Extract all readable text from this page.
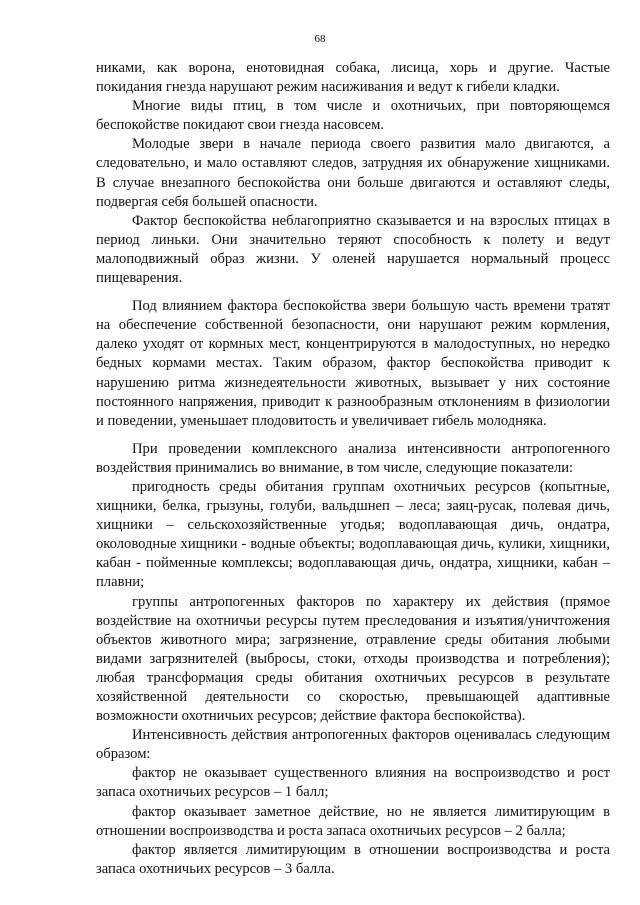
68

никами, как ворона, енотовидная собака, лисица, хорь и другие. Частые покидания гнезда нарушают режим насиживания и ведут к гибели кладки.

Многие виды птиц, в том числе и охотничьих, при повторяющемся беспокойстве покидают свои гнезда насовсем.

Молодые звери в начале периода своего развития мало двигаются, а следовательно, и мало оставляют следов, затрудняя их обнаружение хищниками. В случае внезапного беспокойства они больше двигаются и оставляют следы, подвергая себя большей опасности.

Фактор беспокойства неблагоприятно сказывается и на взрослых птицах в период линьки. Они значительно теряют способность к полету и ведут малоподвижный образ жизни. У оленей нарушается нормальный процесс пищеварения.

Под влиянием фактора беспокойства звери большую часть времени тратят на обеспечение собственной безопасности, они нарушают режим кормления, далеко уходят от кормных мест, концентрируются в малодоступных, но нередко бедных кормами местах. Таким образом, фактор беспокойства приводит к нарушению ритма жизнедеятельности животных, вызывает у них состояние постоянного напряжения, приводит к разнообразным отклонениям в физиологии и поведении, уменьшает плодовитость и увеличивает гибель молодняка.

При проведении комплексного анализа интенсивности антропогенного воздействия принимались во внимание, в том числе, следующие показатели:

пригодность среды обитания группам охотничьих ресурсов (копытные, хищники, белка, грызуны, голуби, вальдшнеп – леса; заяц-русак, полевая дичь, хищники – сельскохозяйственные угодья; водоплавающая дичь, ондатра, околоводные хищники - водные объекты; водоплавающая дичь, кулики, хищники, кабан - пойменные комплексы; водоплавающая дичь, ондатра, хищники, кабан – плавни;

группы антропогенных факторов по характеру их действия (прямое воздействие на охотничьи ресурсы путем преследования и изъятия/уничтожения объектов животного мира; загрязнение, отравление среды обитания любыми видами загрязнителей (выбросы, стоки, отходы производства и потребления); любая трансформация среды обитания охотничьих ресурсов в результате хозяйственной деятельности со скоростью, превышающей адаптивные возможности охотничьих ресурсов; действие фактора беспокойства).

Интенсивность действия антропогенных факторов оценивалась следующим образом:

фактор не оказывает существенного влияния на воспроизводство и рост запаса охотничьих ресурсов – 1 балл;

фактор оказывает заметное действие, но не является лимитирующим в отношении воспроизводства и роста запаса охотничьих ресурсов – 2 балла;

фактор является лимитирующим в отношении воспроизводства и роста запаса охотничьих ресурсов – 3 балла.
